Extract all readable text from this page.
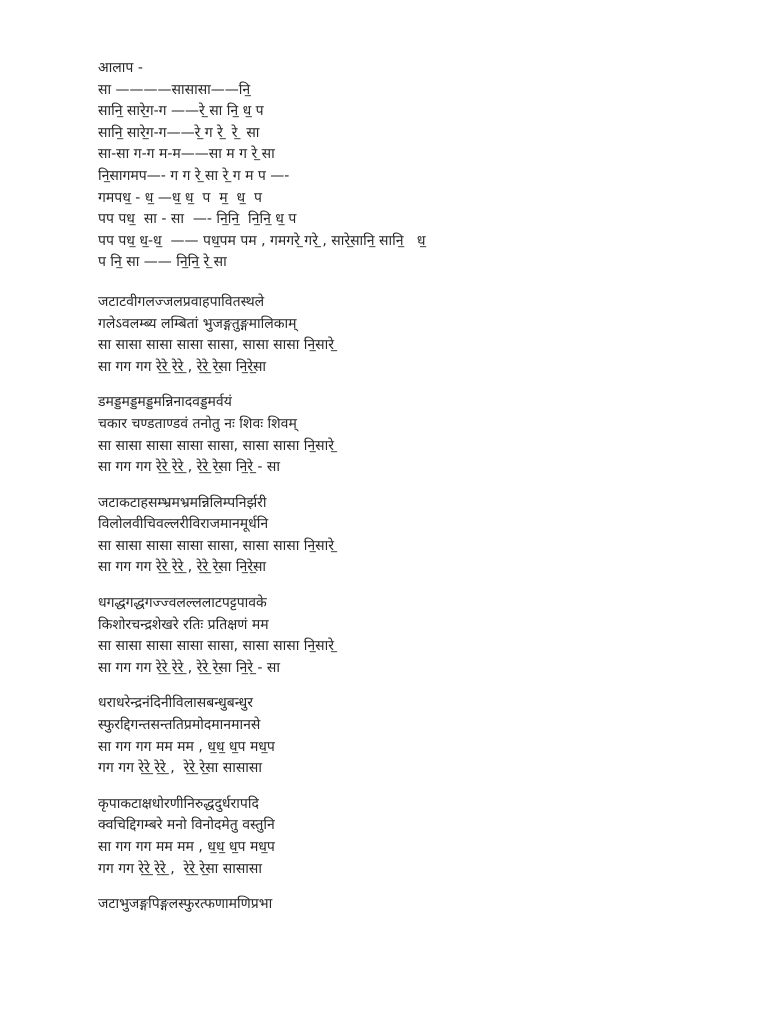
आलाप -

सा ————सासासा——नि̲

सानि̲ सारे̲ग-ग ——रे̲ सा नि̲ ध̲ प

सानि̲ सारे̲ग-ग——रे̲ ग रे̲  रे̲  सा

सा-सा ग-ग म-म——सा म ग रे̲ सा

नि̲सागमप—- ग ग रे̲ सा रे̲ ग म प —-

गमपध̲ - ध̲ —ध̲ ध̲  प  म̲  ध̲  प

पप पध̲  सा - सा  —- नि̲नि̲  नि̲नि̲ ध̲ प

पप पध̲ ध̲-ध̲  —— पध̲पम पम , गमगरे̲ गरे̲ , सारे̲सानि̲ सानि̲   ध̲

प नि̲ सा —— नि̲नि̲ रे̲ सा

जटाटवीगलज्जलप्रवाहपावितस्थले

गलेऽवलम्ब्य लम्बितां भुजङ्गतुङ्गमालिकाम्

सा सासा सासा सासा सासा, सासा सासा नि̲सारे̲

सा गग गग रे̲रे̲ रे̲रे̲ , रे̲रे̲ रे̲सा नि̲रे̲सा

डमड्डमड्डमड्डमन्निनादवड्डमर्वयं

चकार चण्डताण्डवं तनोतु नः शिवः शिवम्

सा सासा सासा सासा सासा, सासा सासा नि̲सारे̲

सा गग गग रे̲रे̲ रे̲रे̲ , रे̲रे̲ रे̲सा नि̲रे̲ - सा

जटाकटाहसम्भ्रमभ्रमन्निलिम्पनिर्झरी

विलोलवीचिवल्लरीविराजमानमूर्धनि

सा सासा सासा सासा सासा, सासा सासा नि̲सारे̲

सा गग गग रे̲रे̲ रे̲रे̲ , रे̲रे̲ रे̲सा नि̲रे̲सा

धगद्धगद्धगज्ज्वलल्ललाटपट्टपावके

किशोरचन्द्रशेखरे रतिः प्रतिक्षणं मम

सा सासा सासा सासा सासा, सासा सासा नि̲सारे̲

सा गग गग रे̲रे̲ रे̲रे̲ , रे̲रे̲ रे̲सा नि̲रे̲ - सा

धराधरेन्द्रनंदिनीविलासबन्धुबन्धुर

स्फुरद्दिगन्तसन्ततिप्रमोदमानमानसे

सा गग गग मम मम , ध̲ध̲ ध̲प मध̲प

गग गग रे̲रे̲ रे̲रे̲ ,  रे̲रे̲ रे̲सा सासासा

कृपाकटाक्षधोरणीनिरुद्धदुर्धरापदि

क्वचिद्दिगम्बरे मनो विनोदमेतु वस्तुनि

सा गग गग मम मम , ध̲ध̲ ध̲प मध̲प

गग गग रे̲रे̲ रे̲रे̲ ,  रे̲रे̲ रे̲सा सासासा

जटाभुजङ्गपिङ्गलस्फुरत्फणामणिप्रभा
